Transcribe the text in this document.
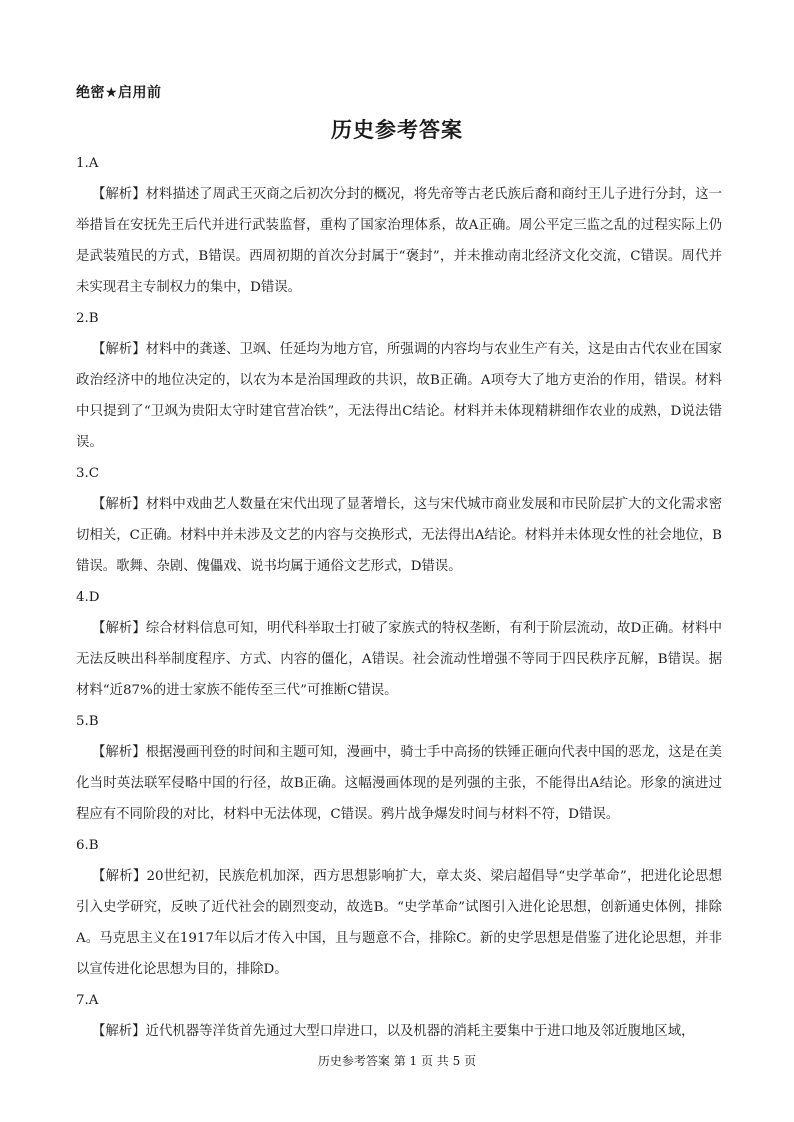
绝密★启用前
历史参考答案
1.A
【解析】材料描述了周武王灭商之后初次分封的概况，将先帝等古老氏族后裔和商纣王儿子进行分封，这一举措旨在安抚先王后代并进行武装监督，重构了国家治理体系，故A正确。周公平定三监之乱的过程实际上仍是武装殖民的方式，B错误。西周初期的首次分封属于“褒封”，并未推动南北经济文化交流，C错误。周代并未实现君主专制权力的集中，D错误。
2.B
【解析】材料中的龚遂、卫飒、任延均为地方官，所强调的内容均与农业生产有关，这是由古代农业在国家政治经济中的地位决定的，以农为本是治国理政的共识，故B正确。A项夸大了地方吏治的作用，错误。材料中只提到了“卫飒为贵阳太守时建官营冶铁”，无法得出C结论。材料并未体现精耕细作农业的成熟，D说法错误。
3.C
【解析】材料中戏曲艺人数量在宋代出现了显著增长，这与宋代城市商业发展和市民阶层扩大的文化需求密切相关，C正确。材料中并未涉及文艺的内容与交换形式，无法得出A结论。材料并未体现女性的社会地位，B错误。歌舞、杂剧、傀儡戏、说书均属于通俗文艺形式，D错误。
4.D
【解析】综合材料信息可知，明代科举取士打破了家族式的特权垄断，有利于阶层流动，故D正确。材料中无法反映出科举制度程序、方式、内容的僵化，A错误。社会流动性增强不等同于四民秩序瓦解，B错误。据材料“近87%的进士家族不能传至三代”可推断C错误。
5.B
【解析】根据漫画刊登的时间和主题可知，漫画中，骑士手中高扬的铁锤正砸向代表中国的恶龙，这是在美化当时英法联军侵略中国的行径，故B正确。这幅漫画体现的是列强的主张，不能得出A结论。形象的演进过程应有不同阶段的对比，材料中无法体现，C错误。鸦片战争爆发时间与材料不符，D错误。
6.B
【解析】20世纪初，民族危机加深，西方思想影响扩大，章太炎、梁启超倡导“史学革命”，把进化论思想引入史学研究，反映了近代社会的剧烈变动，故选B。“史学革命”试图引入进化论思想，创新通史体例，排除A。马克思主义在1917年以后才传入中国，且与题意不合，排除C。新的史学思想是借鉴了进化论思想，并非以宣传进化论思想为目的，排除D。
7.A
【解析】近代机器等洋货首先通过大型口岸进口，以及机器的消耗主要集中于进口地及邻近腹地区域，
历史参考答案 第 1 页 共 5 页
